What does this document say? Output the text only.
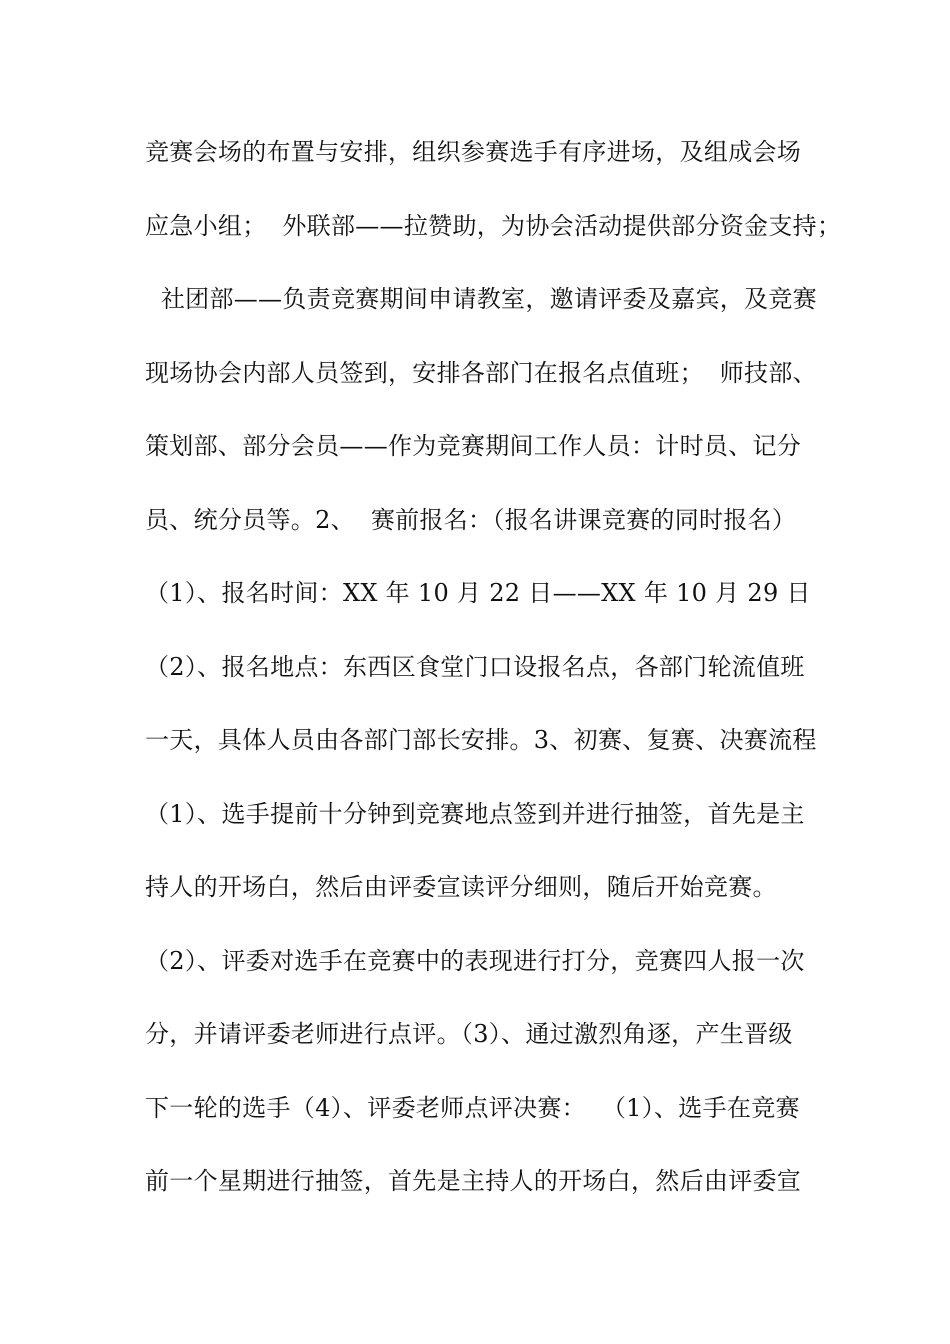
竞赛会场的布置与安排，组织参赛选手有序进场，及组成会场
应急小组；  外联部——拉赞助，为协会活动提供部分资金支持；
社团部——负责竞赛期间申请教室，邀请评委及嘉宾，及竞赛
现场协会内部人员签到，安排各部门在报名点值班；  师技部、
策划部、部分会员——作为竞赛期间工作人员：计时员、记分
员、统分员等。2、  赛前报名：（报名讲课竞赛的同时报名）
（1）、报名时间：XX 年 10 月 22 日——XX 年 10 月 29 日
（2）、报名地点：东西区食堂门口设报名点，各部门轮流值班
一天，具体人员由各部门部长安排。3、初赛、复赛、决赛流程
（1）、选手提前十分钟到竞赛地点签到并进行抽签，首先是主
持人的开场白，然后由评委宣读评分细则，随后开始竞赛。
（2）、评委对选手在竞赛中的表现进行打分，竞赛四人报一次
分，并请评委老师进行点评。（3）、通过激烈角逐，产生晋级
下一轮的选手（4）、评委老师点评决赛：  （1）、选手在竞赛
前一个星期进行抽签，首先是主持人的开场白，然后由评委宣
